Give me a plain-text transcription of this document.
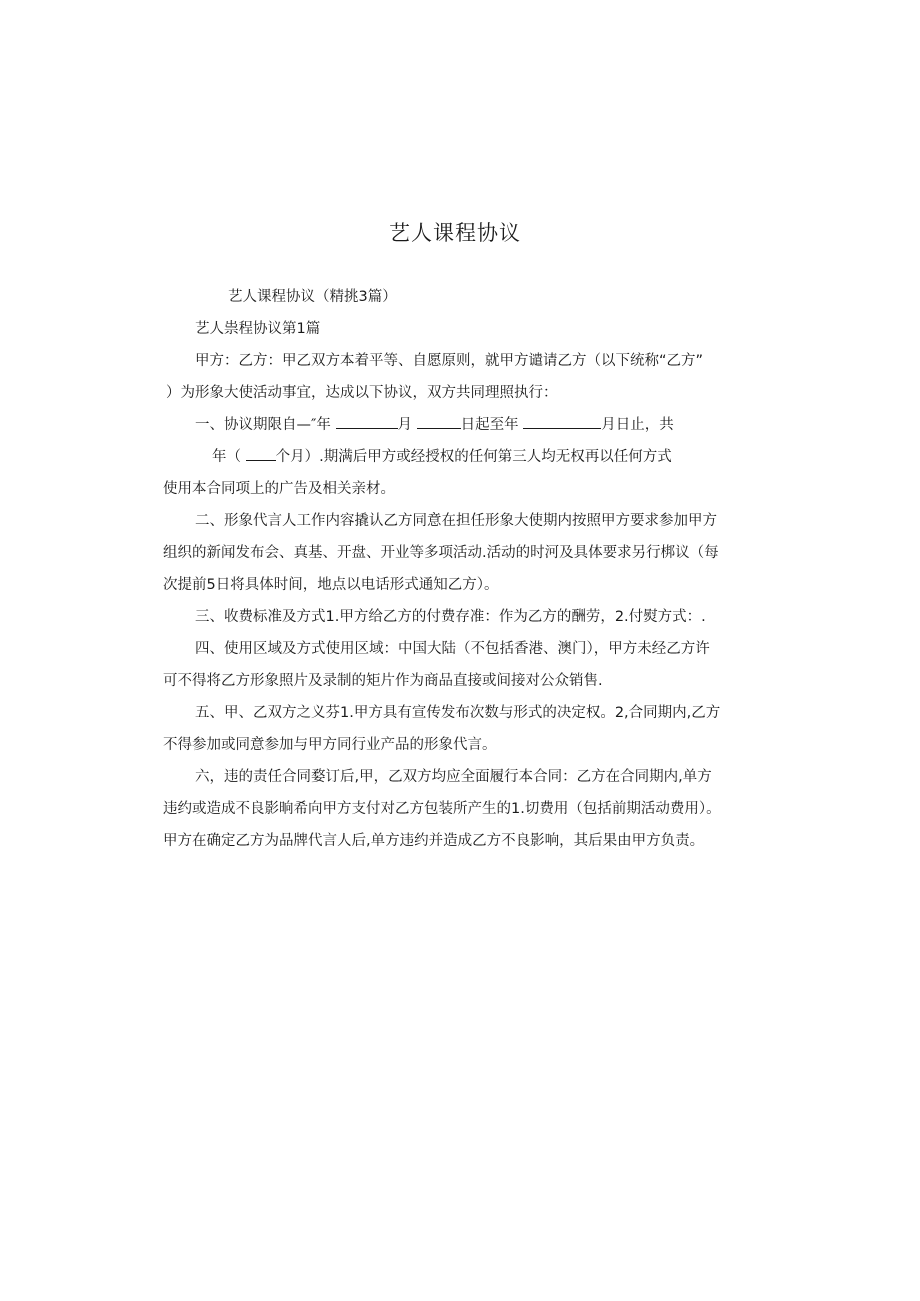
艺人课程协议
艺人课程协议（精挑3篇）
艺人祟程协议第1篇
甲方：乙方：甲乙双方本着平等、自愿原则，就甲方谴请乙方（以下统称“乙方”
）为形象大使活动事宜，达成以下协议，双方共同理照执行：
一、协议期限自—″年	月	日起至年	月日止，共
年（ 个月）.期满后甲方或经授权的任何第三人均无权再以任何方式
使用本合同项上的广告及相关亲材。
二、形象代言人工作内容撬认乙方同意在担任形象大使期内按照甲方要求参加甲方
组织的新闻发布会、真基、开盘、开业等多项活动.活动的时河及具体要求另行梆议（每
次提前5日将具体时间，地点以电话形式通知乙方）。
三、收费标准及方式1.甲方给乙方的付费存准：作为乙方的酬劳，2.付熨方式：.
四、使用区域及方式使用区域：中国大陆（不包括香港、澳门），甲方未经乙方许
可不得将乙方形象照片及录制的矩片作为商品直接或间接对公众销售.
五、甲、乙双方之义芬1.甲方具有宣传发布次数与形式的决定权。2,合同期内,乙方
不得参加或同意参加与甲方同行业产品的形象代言。
六，违的责任合同婺订后,甲，乙双方均应全面履行本合同：乙方在合同期内,单方
违约或造成不良影晌希向甲方支付对乙方包装所产生的1.切费用（包括前期活动费用）。
甲方在确定乙方为品牌代言人后,单方违约并造成乙方不良影响，其后果由甲方负责。
